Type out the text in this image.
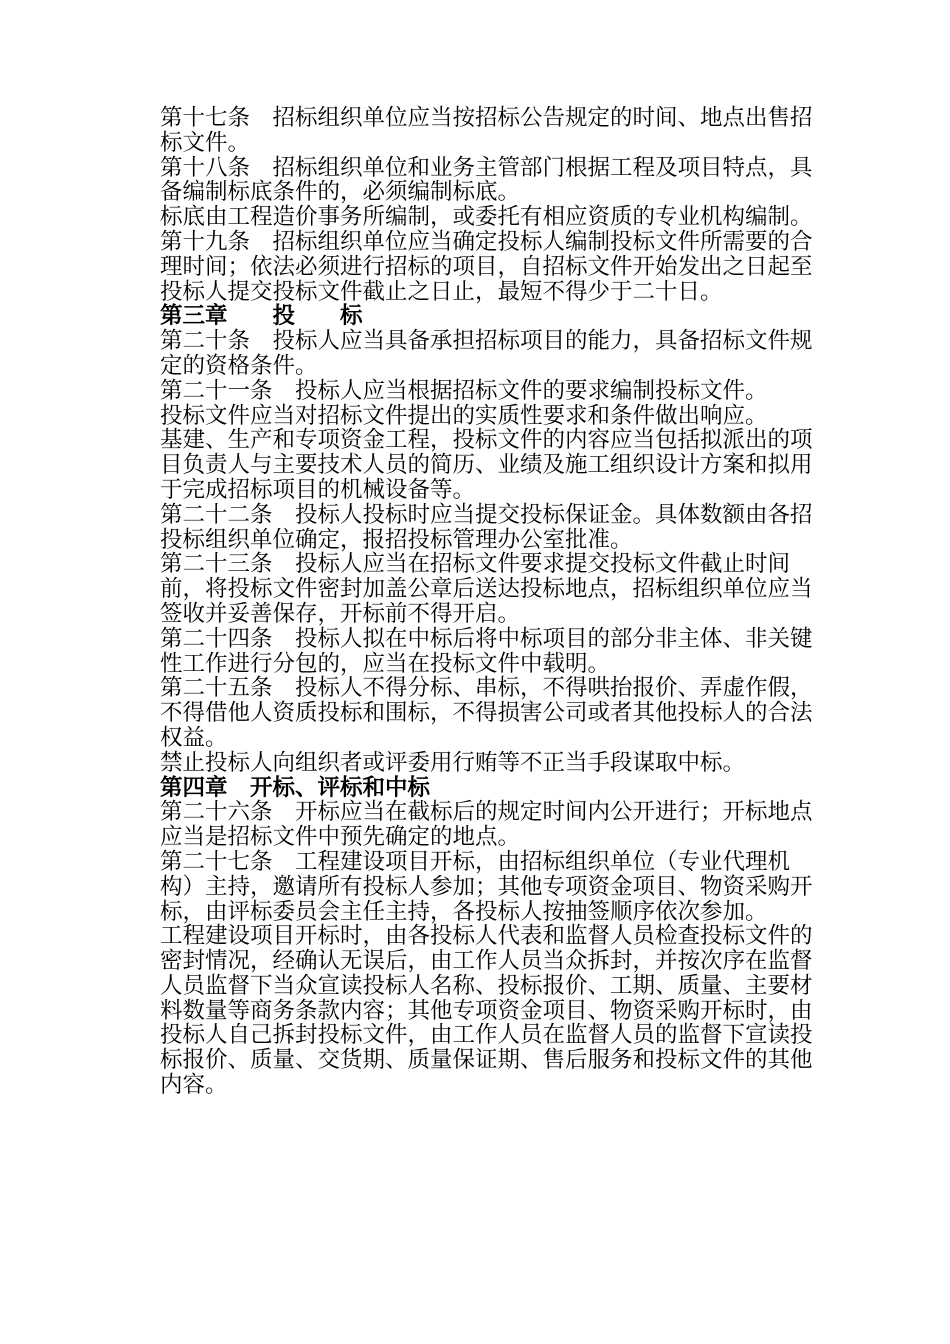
第十七条　招标组织单位应当按招标公告规定的时间、地点出售招标文件。

第十八条　招标组织单位和业务主管部门根据工程及项目特点，具备编制标底条件的，必须编制标底。

标底由工程造价事务所编制，或委托有相应资质的专业机构编制。

第十九条　招标组织单位应当确定投标人编制投标文件所需要的合理时间；依法必须进行招标的项目，自招标文件开始发出之日起至投标人提交投标文件截止之日止，最短不得少于二十日。

第三章　　投　　标

第二十条　投标人应当具备承担招标项目的能力，具备招标文件规定的资格条件。

第二十一条　投标人应当根据招标文件的要求编制投标文件。

投标文件应当对招标文件提出的实质性要求和条件做出响应。

基建、生产和专项资金工程，投标文件的内容应当包括拟派出的项目负责人与主要技术人员的简历、业绩及施工组织设计方案和拟用于完成招标项目的机械设备等。

第二十二条　投标人投标时应当提交投标保证金。具体数额由各招投标组织单位确定，报招投标管理办公室批准。

第二十三条　投标人应当在招标文件要求提交投标文件截止时间前，将投标文件密封加盖公章后送达投标地点，招标组织单位应当签收并妥善保存，开标前不得开启。

第二十四条　投标人拟在中标后将中标项目的部分非主体、非关键性工作进行分包的，应当在投标文件中载明。

第二十五条　投标人不得分标、串标，不得哄抬报价、弄虚作假，不得借他人资质投标和围标，不得损害公司或者其他投标人的合法权益。

禁止投标人向组织者或评委用行贿等不正当手段谋取中标。

第四章　开标、评标和中标

第二十六条　开标应当在截标后的规定时间内公开进行；开标地点应当是招标文件中预先确定的地点。

第二十七条　工程建设项目开标，由招标组织单位（专业代理机构）主持，邀请所有投标人参加；其他专项资金项目、物资采购开标，由评标委员会主任主持，各投标人按抽签顺序依次参加。

工程建设项目开标时，由各投标人代表和监督人员检查投标文件的密封情况，经确认无误后，由工作人员当众拆封，并按次序在监督人员监督下当众宣读投标人名称、投标报价、工期、质量、主要材料数量等商务条款内容；其他专项资金项目、物资采购开标时，由投标人自己拆封投标文件，由工作人员在监督人员的监督下宣读投标报价、质量、交货期、质量保证期、售后服务和投标文件的其他内容。
